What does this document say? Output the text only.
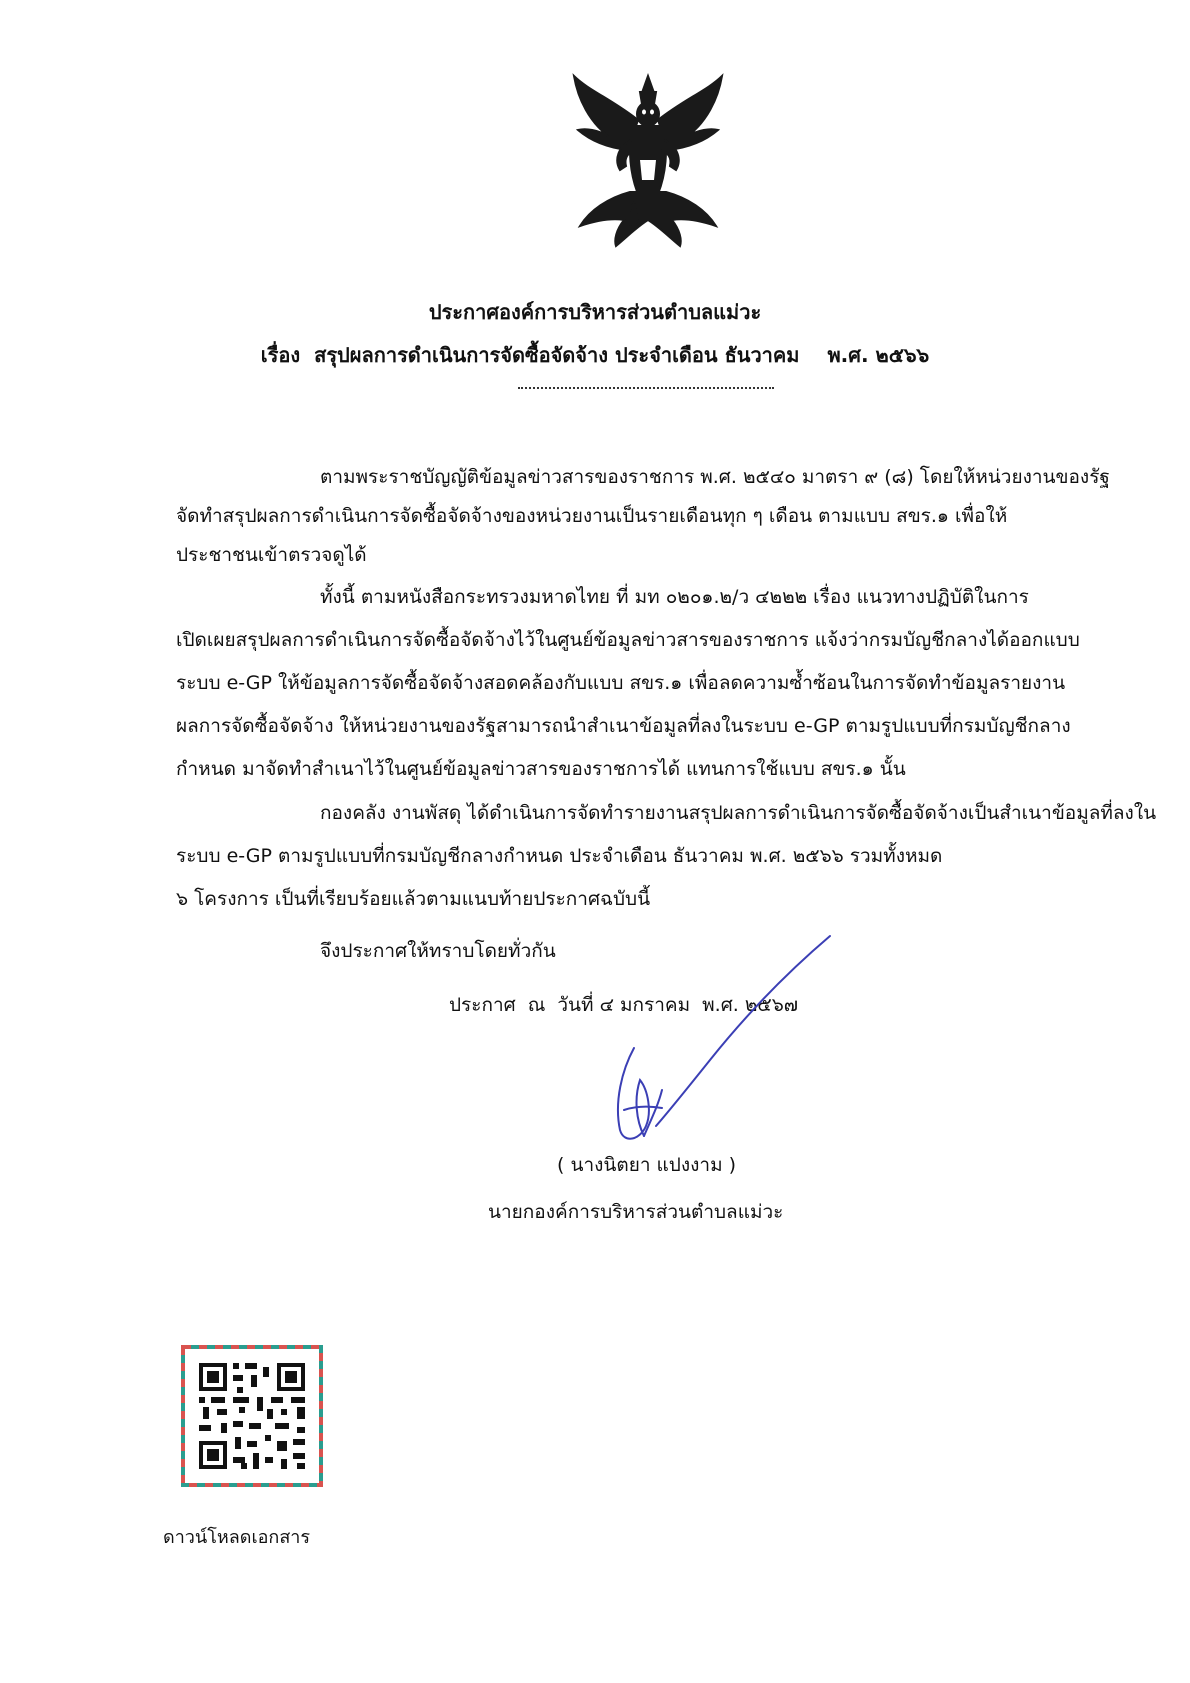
ประกาศองค์การบริหารส่วนตำบลแม่วะ
เรื่อง สรุปผลการดำเนินการจัดซื้อจัดจ้าง ประจำเดือน ธันวาคม พ.ศ. ๒๕๖๖
ตามพระราชบัญญัติข้อมูลข่าวสารของราชการ พ.ศ. ๒๕๔๐ มาตรา ๙ (๘) โดยให้หน่วยงานของรัฐ
จัดทำสรุปผลการดำเนินการจัดซื้อจัดจ้างของหน่วยงานเป็นรายเดือนทุก ๆ เดือน ตามแบบ สขร.๑ เพื่อให้
ประชาชนเข้าตรวจดูได้
ทั้งนี้ ตามหนังสือกระทรวงมหาดไทย ที่ มท ๐๒๐๑.๒/ว ๔๒๒๒ เรื่อง แนวทางปฏิบัติในการ
เปิดเผยสรุปผลการดำเนินการจัดซื้อจัดจ้างไว้ในศูนย์ข้อมูลข่าวสารของราชการ แจ้งว่ากรมบัญชีกลางได้ออกแบบ
ระบบ e-GP ให้ข้อมูลการจัดซื้อจัดจ้างสอดคล้องกับแบบ สขร.๑ เพื่อลดความซ้ำซ้อนในการจัดทำข้อมูลรายงาน
ผลการจัดซื้อจัดจ้าง ให้หน่วยงานของรัฐสามารถนำสำเนาข้อมูลที่ลงในระบบ e-GP ตามรูปแบบที่กรมบัญชีกลาง
กำหนด มาจัดทำสำเนาไว้ในศูนย์ข้อมูลข่าวสารของราชการได้ แทนการใช้แบบ สขร.๑ นั้น
กองคลัง งานพัสดุ ได้ดำเนินการจัดทำรายงานสรุปผลการดำเนินการจัดซื้อจัดจ้างเป็นสำเนาข้อมูลที่ลงใน
ระบบ e-GP ตามรูปแบบที่กรมบัญชีกลางกำหนด ประจำเดือน ธันวาคม พ.ศ. ๒๕๖๖ รวมทั้งหมด
๖ โครงการ เป็นที่เรียบร้อยแล้วตามแนบท้ายประกาศฉบับนี้
จึงประกาศให้ทราบโดยทั่วกัน
ประกาศ ณ วันที่ ๔ มกราคม พ.ศ. ๒๕๖๗
( นางนิตยา แปงงาม )
นายกองค์การบริหารส่วนตำบลแม่วะ
ดาวน์โหลดเอกสาร
